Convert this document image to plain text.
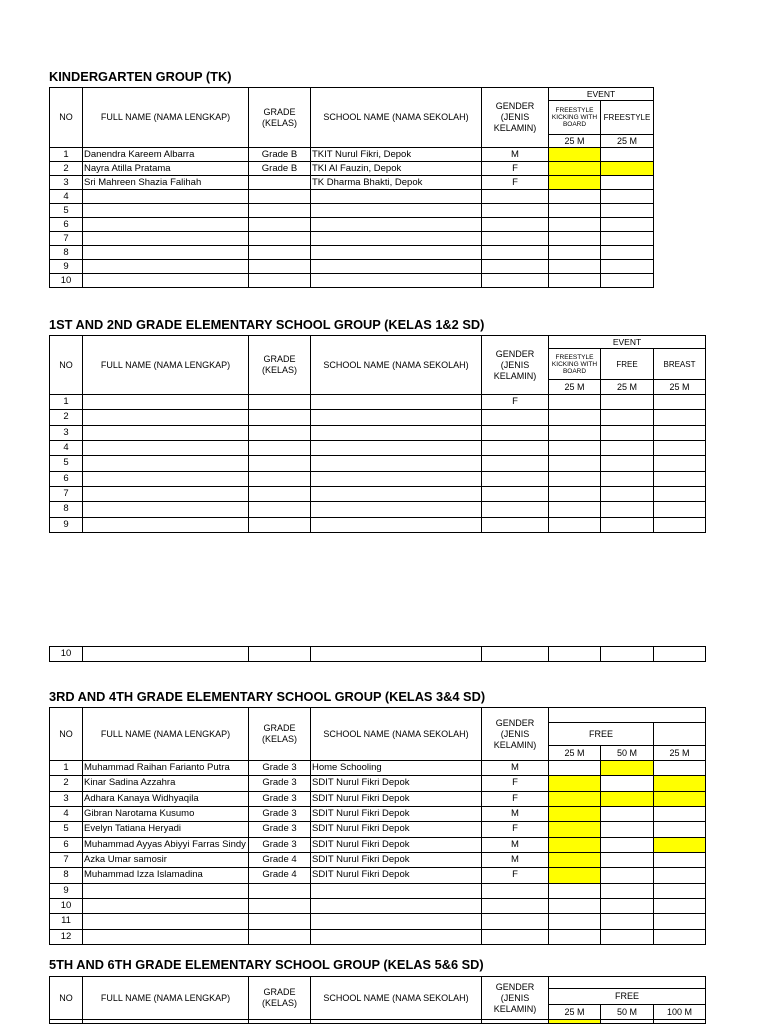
KINDERGARTEN GROUP (TK)
NO	FULL NAME (NAMA LENGKAP)	GRADE (KELAS)	SCHOOL NAME (NAMA SEKOLAH)	GENDER (JENIS KELAMIN)	EVENT	
					FREESTYLE KICKING WITH BOARD	FREESTYLE
					25 M	25 M
1	Danendra Kareem Albarra	Grade B	TKIT Nurul Fikri, Depok	M		
2	Nayra Atilla Pratama	Grade B	TKI Al Fauzin, Depok	F		
3	Sri Mahreen Shazia Falihah		TK Dharma Bhakti, Depok	F		
4						
5						
6						
7						
8						
9						
10						
1ST AND 2ND GRADE ELEMENTARY SCHOOL GROUP (KELAS 1&2 SD)
NO	FULL NAME (NAMA LENGKAP)	GRADE (KELAS)	SCHOOL NAME (NAMA SEKOLAH)	GENDER (JENIS KELAMIN)	EVENT		
					FREESTYLE KICKING WITH BOARD	FREE	BREAST
					25 M	25 M	25 M
1				F			
2							
3							
4							
5							
6							
7							
8							
9							
10							
3RD AND 4TH GRADE ELEMENTARY SCHOOL GROUP (KELAS 3&4 SD)
NO	FULL NAME (NAMA LENGKAP)	GRADE (KELAS)	SCHOOL NAME (NAMA SEKOLAH)	GENDER (JENIS KELAMIN)			
					FREE		
					25 M	50 M	25 M
1	Muhammad Raihan Farianto Putra	Grade 3	Home Schooling	M			
2	Kinar Sadina Azzahra	Grade 3	SDIT Nurul Fikri Depok	F			
3	Adhara Kanaya Widhyaqila	Grade 3	SDIT Nurul Fikri Depok	F			
4	Gibran Narotama Kusumo	Grade 3	SDIT Nurul Fikri Depok	M			
5	Evelyn Tatiana Heryadi	Grade 3	SDIT Nurul Fikri Depok	F			
6	Muhammad Ayyas Abiyyi Farras Sindy	Grade 3	SDIT Nurul Fikri Depok	M			
7	Azka Umar samosir	Grade 4	SDIT Nurul Fikri Depok	M			
8	Muhammad Izza Islamadina	Grade 4	SDIT Nurul Fikri Depok	F			
9							
10							
11							
12							
5TH AND 6TH GRADE ELEMENTARY SCHOOL GROUP (KELAS 5&6 SD)
NO	FULL NAME (NAMA LENGKAP)	GRADE (KELAS)	SCHOOL NAME (NAMA SEKOLAH)	GENDER (JENIS KELAMIN)			
					FREE		
					25 M	50 M	100 M
